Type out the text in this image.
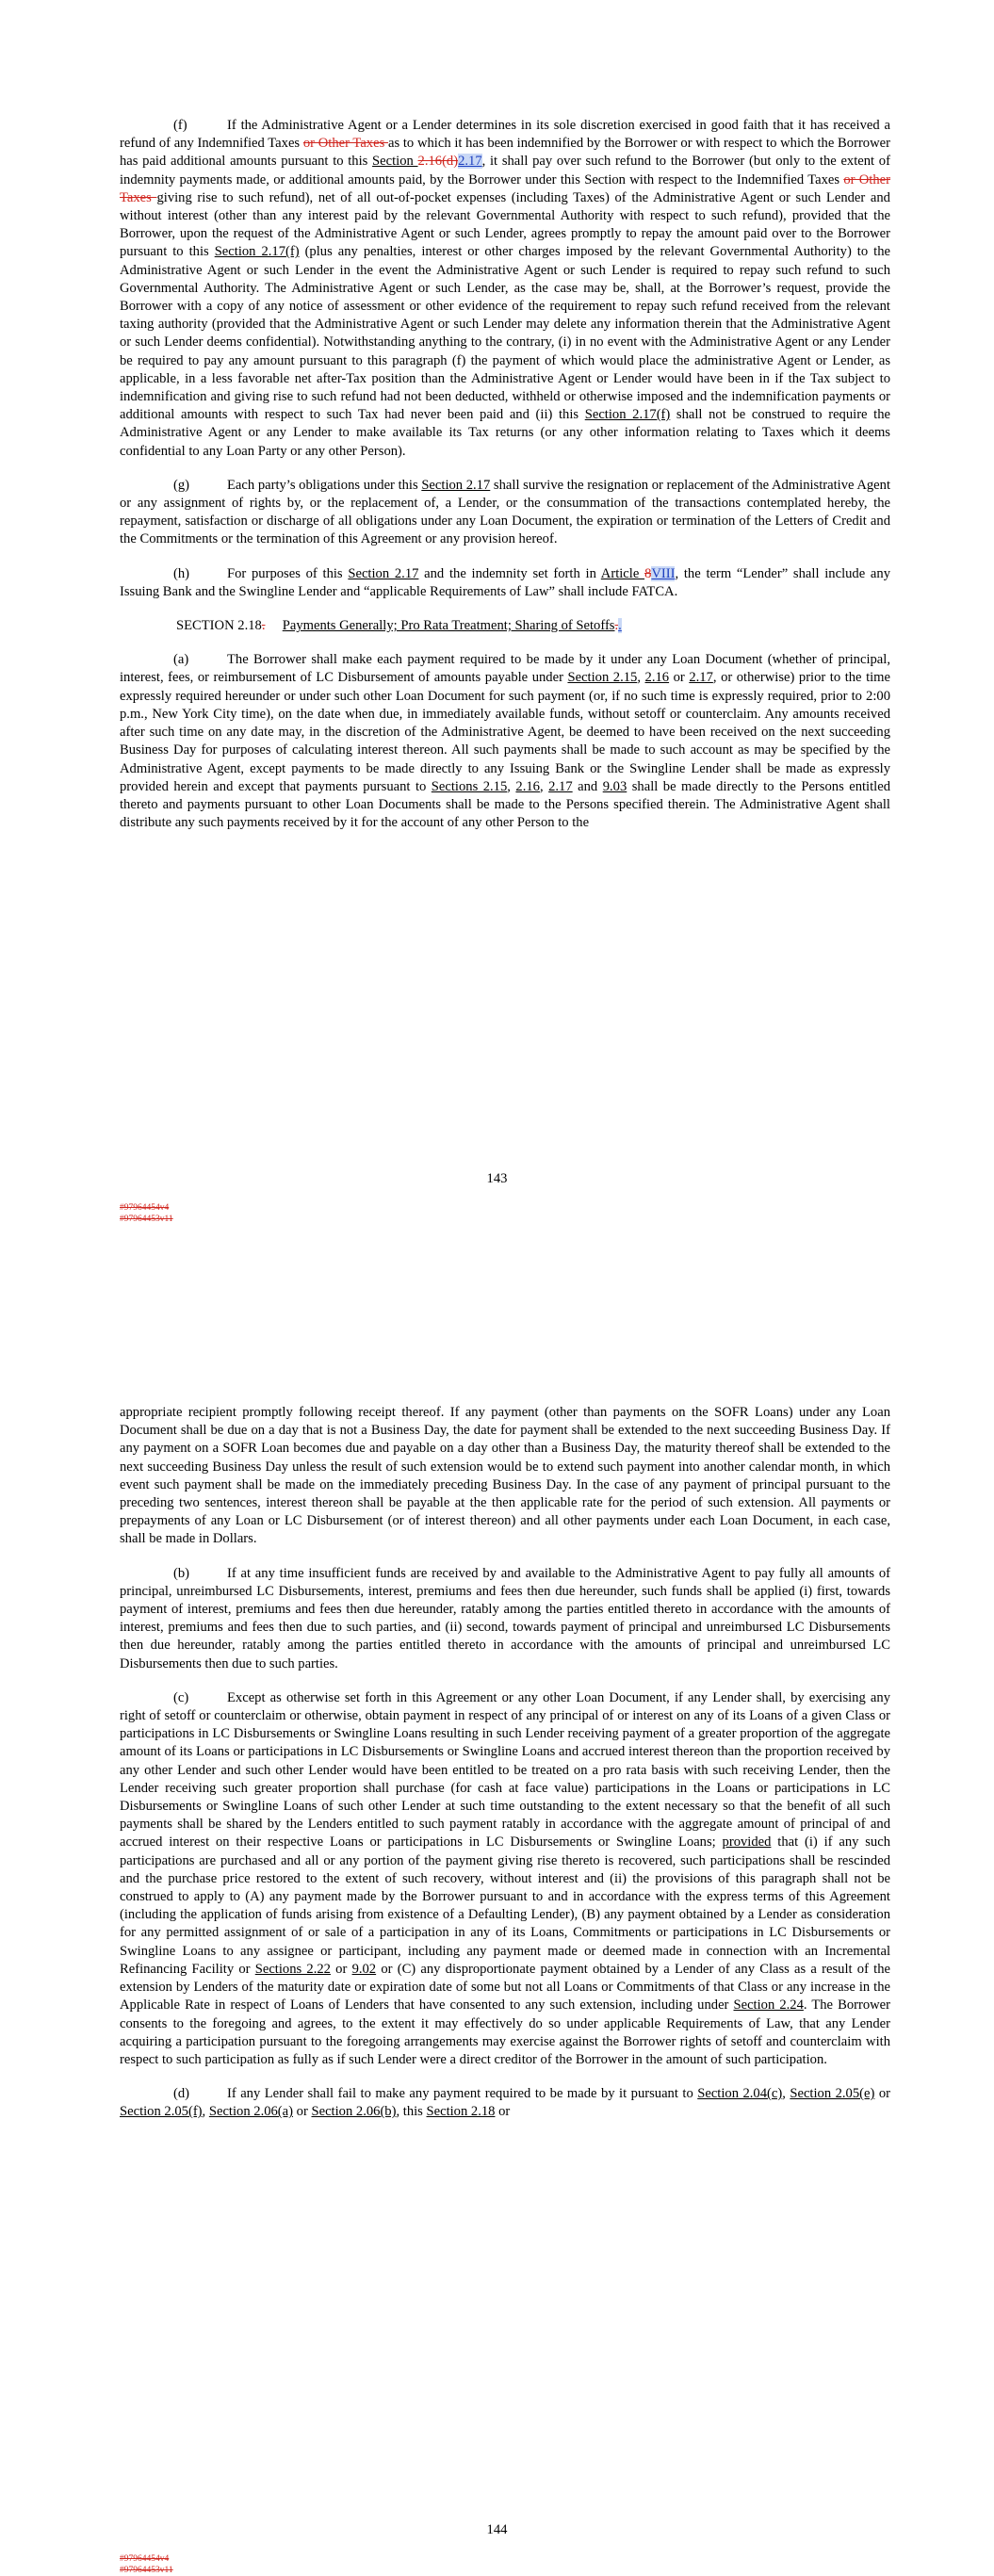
(f)	If the Administrative Agent or a Lender determines in its sole discretion exercised in good faith that it has received a refund of any Indemnified Taxes or Other Taxes as to which it has been indemnified by the Borrower or with respect to which the Borrower has paid additional amounts pursuant to this Section 2.16(d)2.17, it shall pay over such refund to the Borrower (but only to the extent of indemnity payments made, or additional amounts paid, by the Borrower under this Section with respect to the Indemnified Taxes or Other Taxes giving rise to such refund), net of all out-of-pocket expenses (including Taxes) of the Administrative Agent or such Lender and without interest (other than any interest paid by the relevant Governmental Authority with respect to such refund), provided that the Borrower, upon the request of the Administrative Agent or such Lender, agrees promptly to repay the amount paid over to the Borrower pursuant to this Section 2.17(f) (plus any penalties, interest or other charges imposed by the relevant Governmental Authority) to the Administrative Agent or such Lender in the event the Administrative Agent or such Lender is required to repay such refund to such Governmental Authority. The Administrative Agent or such Lender, as the case may be, shall, at the Borrower’s request, provide the Borrower with a copy of any notice of assessment or other evidence of the requirement to repay such refund received from the relevant taxing authority (provided that the Administrative Agent or such Lender may delete any information therein that the Administrative Agent or such Lender deems confidential). Notwithstanding anything to the contrary, (i) in no event with the Administrative Agent or any Lender be required to pay any amount pursuant to this paragraph (f) the payment of which would place the administrative Agent or Lender, as applicable, in a less favorable net after-Tax position than the Administrative Agent or Lender would have been in if the Tax subject to indemnification and giving rise to such refund had not been deducted, withheld or otherwise imposed and the indemnification payments or additional amounts with respect to such Tax had never been paid and (ii) this Section 2.17(f) shall not be construed to require the Administrative Agent or any Lender to make available its Tax returns (or any other information relating to Taxes which it deems confidential to any Loan Party or any other Person).

(g)	Each party’s obligations under this Section 2.17 shall survive the resignation or replacement of the Administrative Agent or any assignment of rights by, or the replacement of, a Lender, or the consummation of the transactions contemplated hereby, the repayment, satisfaction or discharge of all obligations under any Loan Document, the expiration or termination of the Letters of Credit and the Commitments or the termination of this Agreement or any provision hereof.

(h)	For purposes of this Section 2.17 and the indemnity set forth in Article 8VIII, the term “Lender” shall include any Issuing Bank and the Swingline Lender and “applicable Requirements of Law” shall include FATCA.

SECTION 2.18. Payments Generally; Pro Rata Treatment; Sharing of Setoffs..

(a)	The Borrower shall make each payment required to be made by it under any Loan Document (whether of principal, interest, fees, or reimbursement of LC Disbursement of amounts payable under Section 2.15, 2.16 or 2.17, or otherwise) prior to the time expressly required hereunder or under such other Loan Document for such payment (or, if no such time is expressly required, prior to 2:00 p.m., New York City time), on the date when due, in immediately available funds, without setoff or counterclaim. Any amounts received after such time on any date may, in the discretion of the Administrative Agent, be deemed to have been received on the next succeeding Business Day for purposes of calculating interest thereon. All such payments shall be made to such account as may be specified by the Administrative Agent, except payments to be made directly to any Issuing Bank or the Swingline Lender shall be made as expressly provided herein and except that payments pursuant to Sections 2.15, 2.16, 2.17 and 9.03 shall be made directly to the Persons entitled thereto and payments pursuant to other Loan Documents shall be made to the Persons specified therein. The Administrative Agent shall distribute any such payments received by it for the account of any other Person to the

143
#97964454v4
#97964453v11

appropriate recipient promptly following receipt thereof. If any payment (other than payments on the SOFR Loans) under any Loan Document shall be due on a day that is not a Business Day, the date for payment shall be extended to the next succeeding Business Day. If any payment on a SOFR Loan becomes due and payable on a day other than a Business Day, the maturity thereof shall be extended to the next succeeding Business Day unless the result of such extension would be to extend such payment into another calendar month, in which event such payment shall be made on the immediately preceding Business Day. In the case of any payment of principal pursuant to the preceding two sentences, interest thereon shall be payable at the then applicable rate for the period of such extension. All payments or prepayments of any Loan or LC Disbursement (or of interest thereon) and all other payments under each Loan Document, in each case, shall be made in Dollars.

(b)	If at any time insufficient funds are received by and available to the Administrative Agent to pay fully all amounts of principal, unreimbursed LC Disbursements, interest, premiums and fees then due hereunder, such funds shall be applied (i) first, towards payment of interest, premiums and fees then due hereunder, ratably among the parties entitled thereto in accordance with the amounts of interest, premiums and fees then due to such parties, and (ii) second, towards payment of principal and unreimbursed LC Disbursements then due hereunder, ratably among the parties entitled thereto in accordance with the amounts of principal and unreimbursed LC Disbursements then due to such parties.

(c)	Except as otherwise set forth in this Agreement or any other Loan Document, if any Lender shall, by exercising any right of setoff or counterclaim or otherwise, obtain payment in respect of any principal of or interest on any of its Loans of a given Class or participations in LC Disbursements or Swingline Loans resulting in such Lender receiving payment of a greater proportion of the aggregate amount of its Loans or participations in LC Disbursements or Swingline Loans and accrued interest thereon than the proportion received by any other Lender and such other Lender would have been entitled to be treated on a pro rata basis with such receiving Lender, then the Lender receiving such greater proportion shall purchase (for cash at face value) participations in the Loans or participations in LC Disbursements or Swingline Loans of such other Lender at such time outstanding to the extent necessary so that the benefit of all such payments shall be shared by the Lenders entitled to such payment ratably in accordance with the aggregate amount of principal of and accrued interest on their respective Loans or participations in LC Disbursements or Swingline Loans; provided that (i) if any such participations are purchased and all or any portion of the payment giving rise thereto is recovered, such participations shall be rescinded and the purchase price restored to the extent of such recovery, without interest and (ii) the provisions of this paragraph shall not be construed to apply to (A) any payment made by the Borrower pursuant to and in accordance with the express terms of this Agreement (including the application of funds arising from existence of a Defaulting Lender), (B) any payment obtained by a Lender as consideration for any permitted assignment of or sale of a participation in any of its Loans, Commitments or participations in LC Disbursements or Swingline Loans to any assignee or participant, including any payment made or deemed made in connection with an Incremental Refinancing Facility or Sections 2.22 or 9.02 or (C) any disproportionate payment obtained by a Lender of any Class as a result of the extension by Lenders of the maturity date or expiration date of some but not all Loans or Commitments of that Class or any increase in the Applicable Rate in respect of Loans of Lenders that have consented to any such extension, including under Section 2.24. The Borrower consents to the foregoing and agrees, to the extent it may effectively do so under applicable Requirements of Law, that any Lender acquiring a participation pursuant to the foregoing arrangements may exercise against the Borrower rights of setoff and counterclaim with respect to such participation as fully as if such Lender were a direct creditor of the Borrower in the amount of such participation.

(d)	If any Lender shall fail to make any payment required to be made by it pursuant to Section 2.04(c), Section 2.05(e) or Section 2.05(f), Section 2.06(a) or Section 2.06(b), this Section 2.18 or

144
#97964454v4
#97964453v11
